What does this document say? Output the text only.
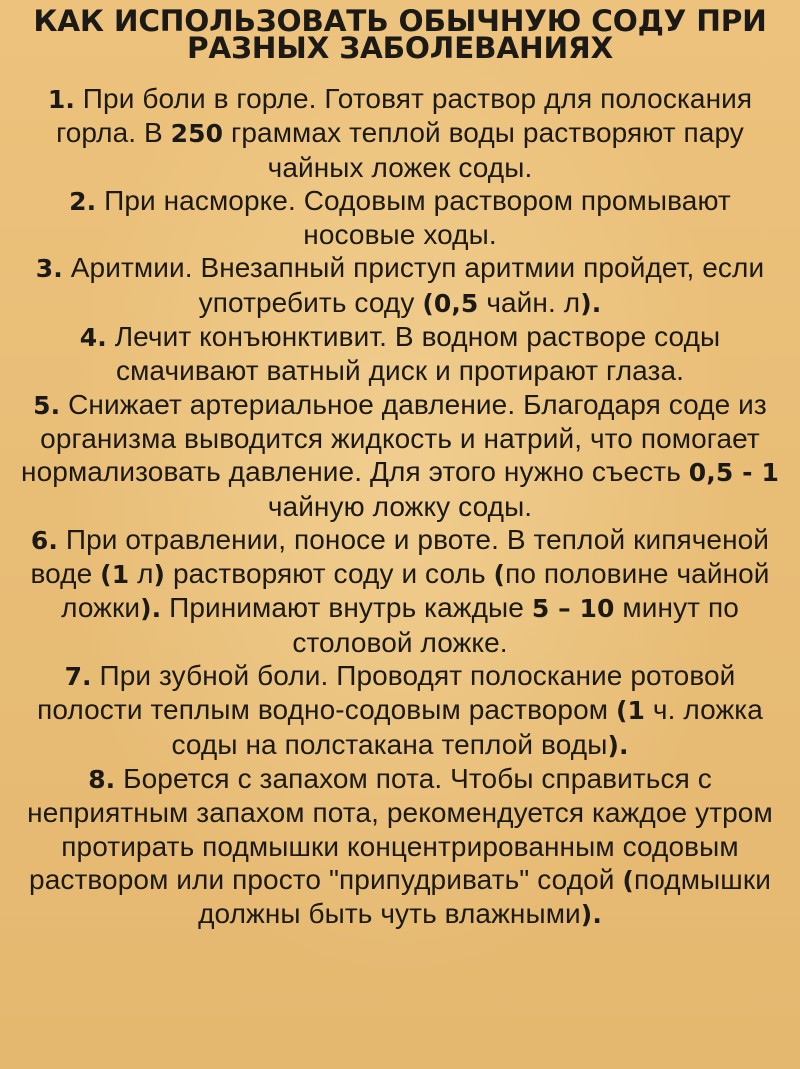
КАК ИСПОЛЬЗОВАТЬ ОБЫЧНУЮ СОДУ ПРИ
РАЗНЫХ ЗАБОЛЕВАНИЯХ
1. При боли в горле. Готовят раствор для полоскания горла. В 250 граммах теплой воды растворяют пару чайных ложек соды.
2. При насморке. Содовым раствором промывают носовые ходы.
3. Аритмии. Внезапный приступ аритмии пройдет, если употребить соду (0,5 чайн. л).
4. Лечит конъюнктивит. В водном растворе соды смачивают ватный диск и протирают глаза.
5. Снижает артериальное давление. Благодаря соде из организма выводится жидкость и натрий, что помогает нормализовать давление. Для этого нужно съесть 0,5 - 1 чайную ложку соды.
6. При отравлении, поносе и рвоте. В теплой кипяченой воде (1 л) растворяют соду и соль (по половине чайной ложки). Принимают внутрь каждые 5 – 10 минут по столовой ложке.
7. При зубной боли. Проводят полоскание ротовой полости теплым водно-содовым раствором (1 ч. ложка соды на полстакана теплой воды).
8. Борется с запахом пота. Чтобы справиться с неприятным запахом пота, рекомендуется каждое утром протирать подмышки концентрированным содовым раствором или просто "припудривать" содой (подмышки должны быть чуть влажными).
